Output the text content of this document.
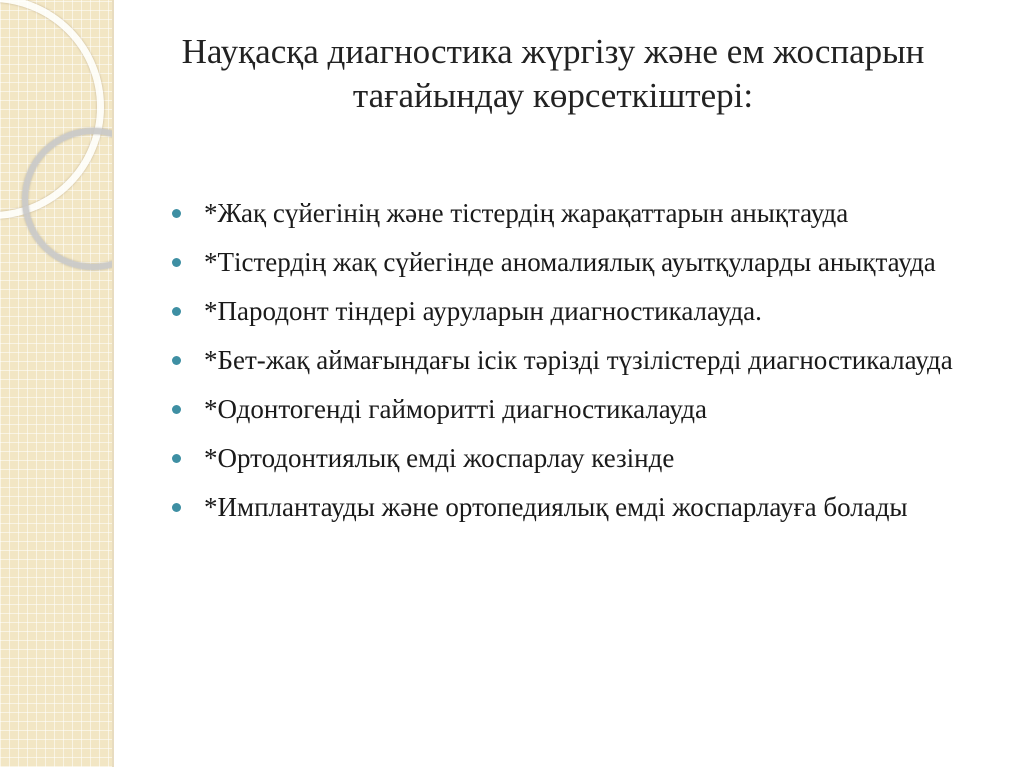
Науқасқа диагностика жүргізу және ем жоспарын
тағайындау көрсеткіштері:
*Жақ сүйегінің және тістердің жарақаттарын анықтауда
*Тістердің жақ сүйегінде аномалиялық ауытқуларды анықтауда
*Пародонт тіндері ауруларын диагностикалауда.
*Бет-жақ аймағындағы ісік тәрізді түзілістерді диагностикалауда
*Одонтогенді гайморитті диагностикалауда
*Ортодонтиялық емді жоспарлау кезінде
*Имплантауды және ортопедиялық емді жоспарлауға болады
